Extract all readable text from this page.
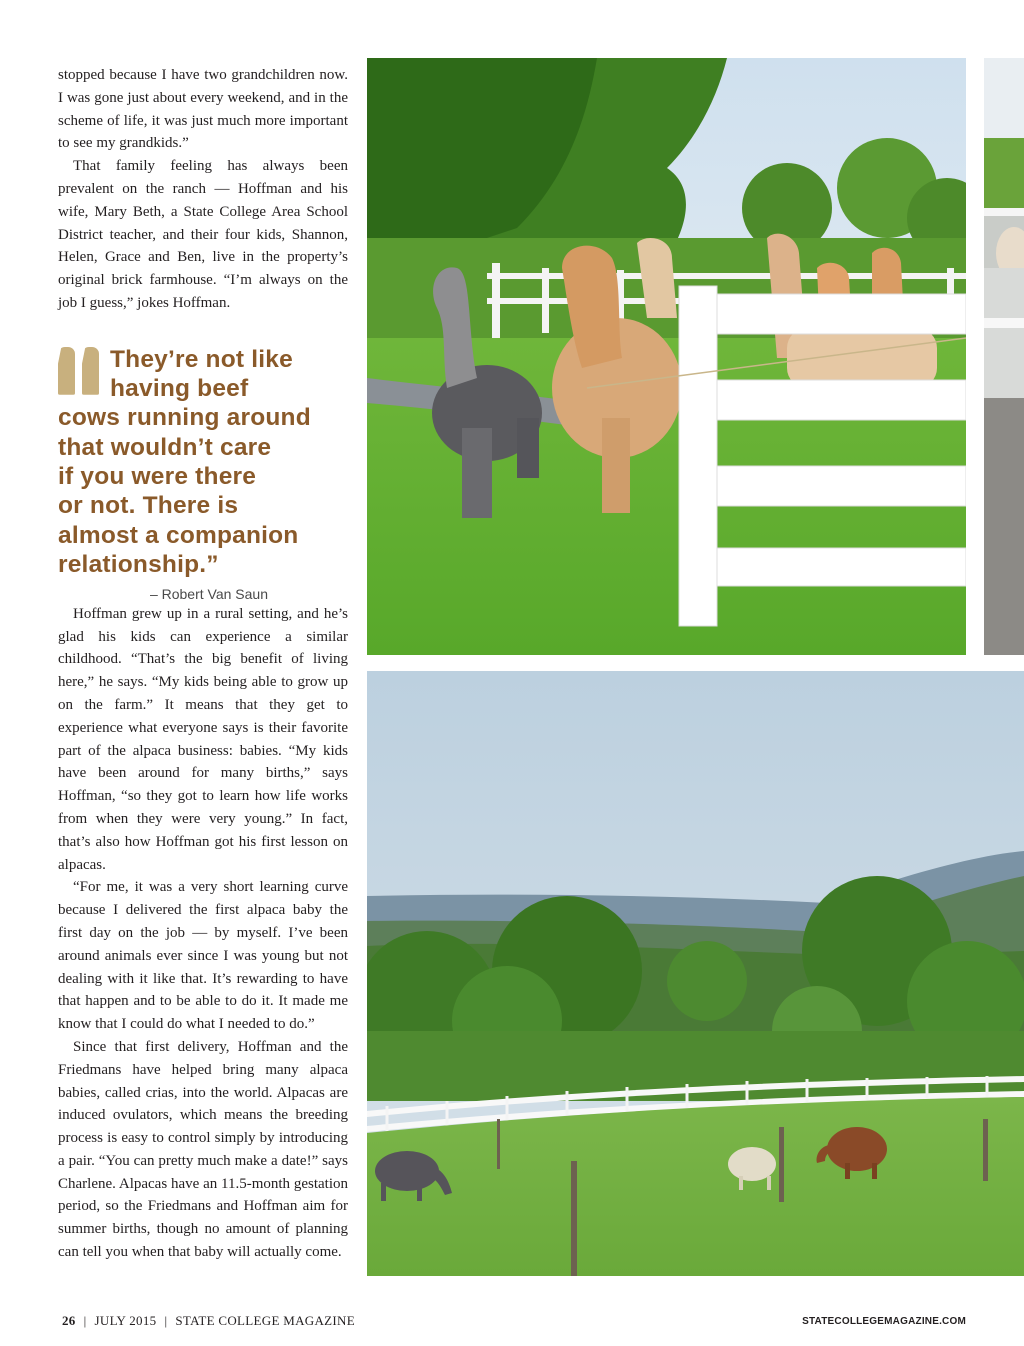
stopped because I have two grandchildren now. I was gone just about every weekend, and in the scheme of life, it was just much more important to see my grandkids.”

That family feeling has always been prevalent on the ranch — Hoffman and his wife, Mary Beth, a State College Area School District teacher, and their four kids, Shannon, Helen, Grace and Ben, live in the property’s original brick farmhouse. “I’m always on the job I guess,” jokes Hoffman.

They’re not like
having beef
cows running around
that wouldn’t care
if you were there
or not. There is
almost a companion
relationship.”
– Robert Van Saun

Hoffman grew up in a rural setting, and he’s glad his kids can experience a similar childhood. “That’s the big benefit of living here,” he says. “My kids being able to grow up on the farm.” It means that they get to experience what everyone says is their favorite part of the alpaca business: babies. “My kids have been around for many births,” says Hoffman, “so they got to learn how life works from when they were very young.” In fact, that’s also how Hoffman got his first lesson on alpacas.

“For me, it was a very short learning curve because I delivered the first alpaca baby the first day on the job — by myself. I’ve been around animals ever since I was young but not dealing with it like that. It’s rewarding to have that happen and to be able to do it. It made me know that I could do what I needed to do.”

Since that first delivery, Hoffman and the Friedmans have helped bring many alpaca babies, called crias, into the world. Alpacas are induced ovulators, which means the breeding process is easy to control simply by introducing a pair. “You can pretty much make a date!” says Charlene. Alpacas have an 11.5-month gestation period, so the Friedmans and Hoffman aim for summer births, though no amount of planning can tell you when that baby will actually come.

26 | JULY 2015 | STATE COLLEGE MAGAZINE	STATECOLLEGEMAGAZINE.COM
